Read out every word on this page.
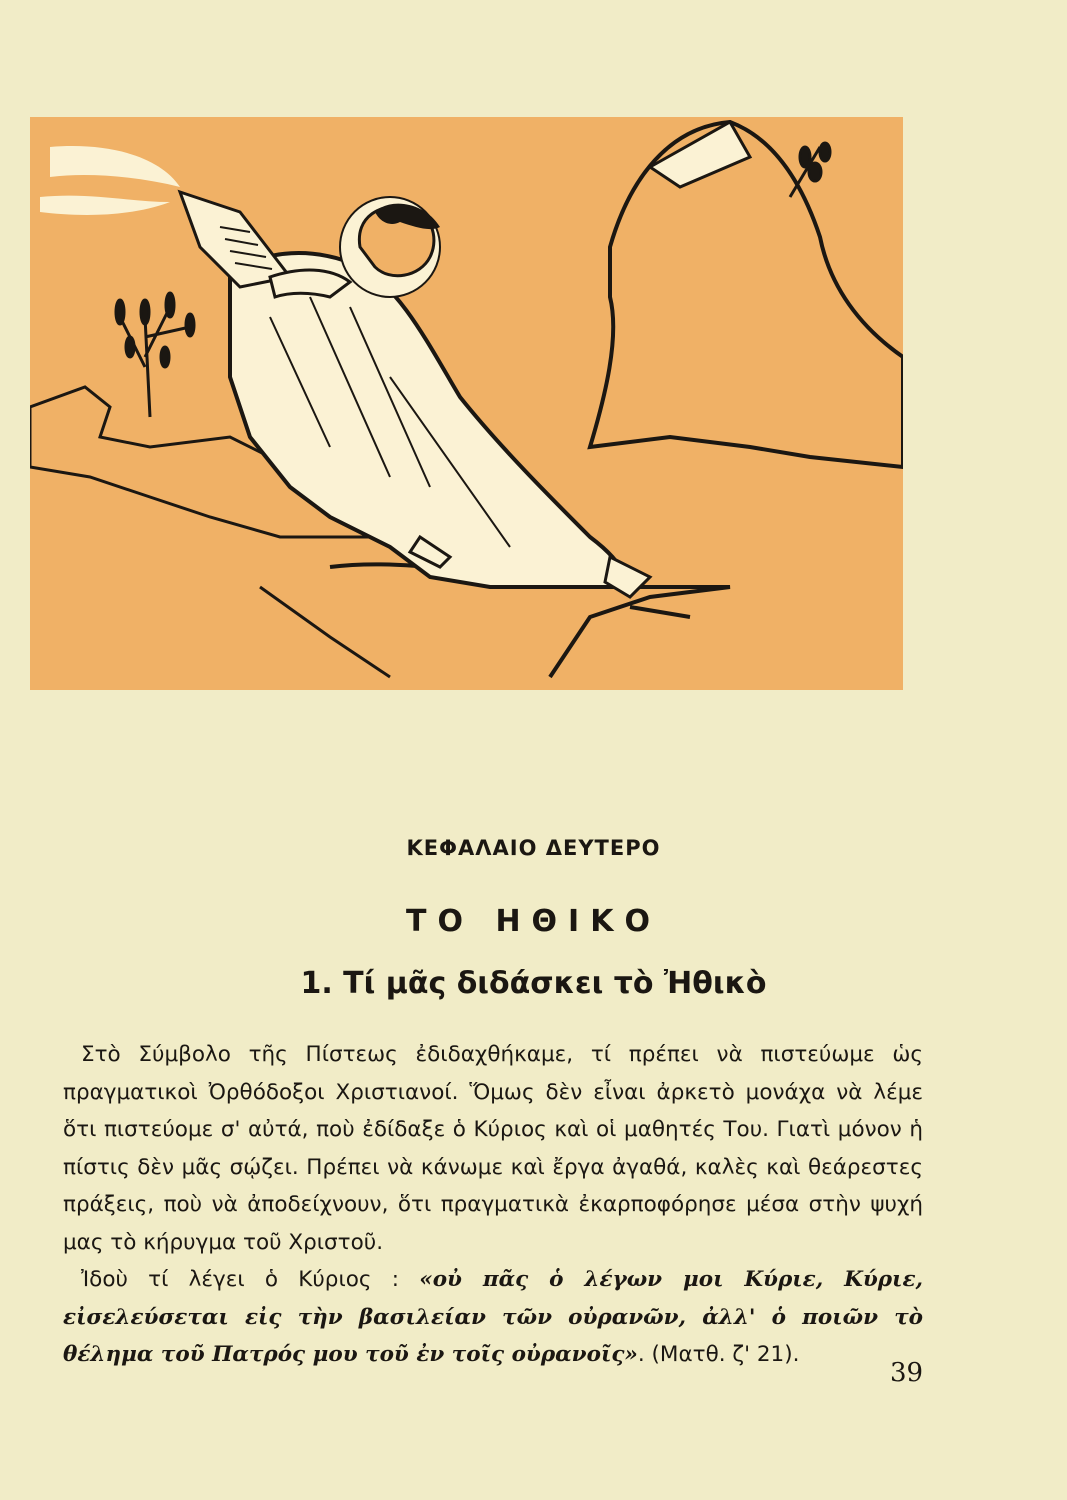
ΚΕΦΑΛΑΙΟ ΔΕΥΤΕΡΟ
ΤΟ ΗΘΙΚΟ
1. Τί μᾶς διδάσκει τὸ Ἠθικὸ

Στὸ Σύμβολο τῆς Πίστεως ἐδιδαχθήκαμε, τί πρέπει νὰ πιστεύωμε ὡς πραγματικοὶ Ὀρθόδοξοι Χριστιανοί. Ὅμως δὲν εἶναι ἀρκετὸ μονάχα νὰ λέμε ὅτι πιστεύομε σ' αὐτά, ποὺ ἐδίδαξε ὁ Κύριος καὶ οἱ μαθητές Του. Γιατὶ μόνον ἡ πίστις δὲν μᾶς σῴζει. Πρέπει νὰ κάνωμε καὶ ἔργα ἀγαθά, καλὲς καὶ θεάρεστες πράξεις, ποὺ νὰ ἀποδείχνουν, ὅτι πραγματικὰ ἐκαρποφόρησε μέσα στὴν ψυχή μας τὸ κήρυγμα τοῦ Χριστοῦ.

Ἰδοὺ τί λέγει ὁ Κύριος : «οὐ πᾶς ὁ λέγων μοι Κύριε, Κύριε, εἰσελεύσεται εἰς τὴν βασιλείαν τῶν οὐρανῶν, ἀλλ' ὁ ποιῶν τὸ θέλημα τοῦ Πατρός μου τοῦ ἐν τοῖς οὐρανοῖς». (Ματθ. ζ' 21).

39
